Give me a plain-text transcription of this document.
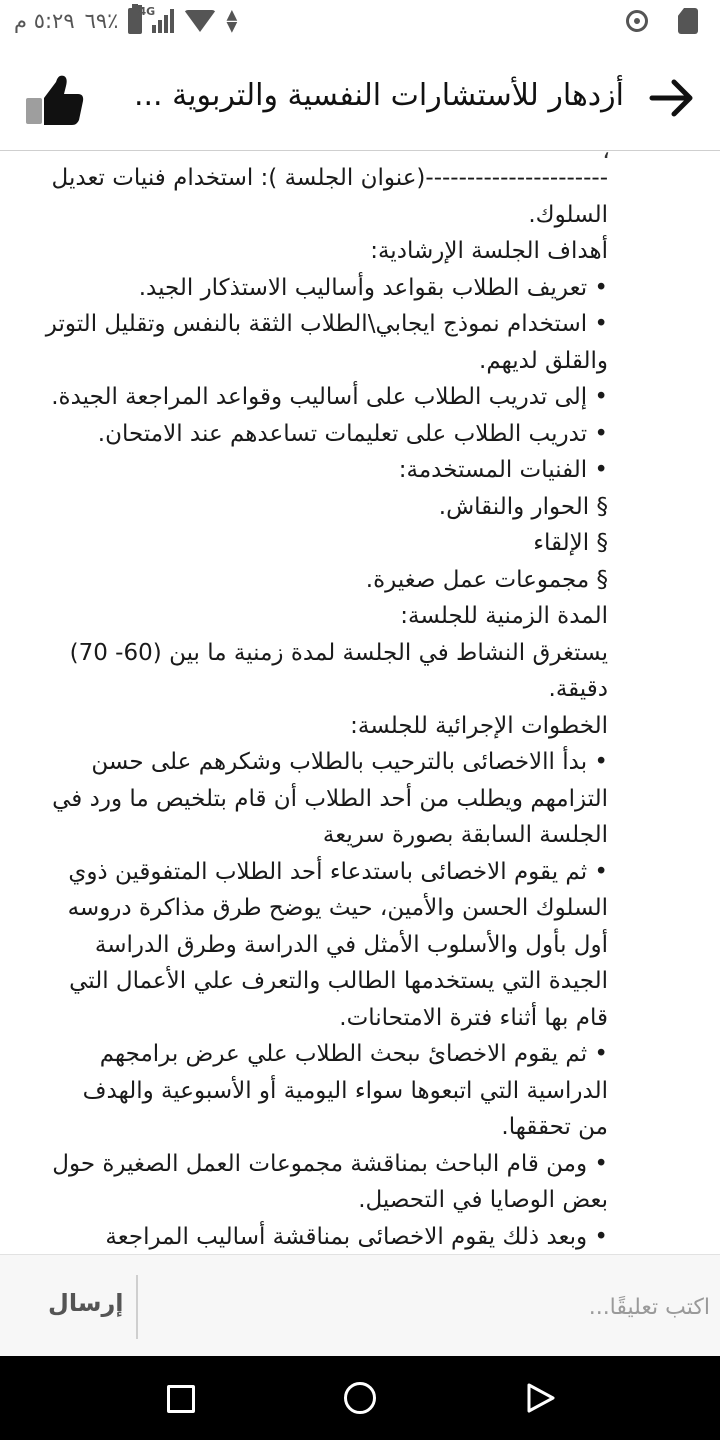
٥:٢٩ م ٦٩٪ 4G	▲
▼
أزدهار للأستشارات النفسية والتربوية ...
،
----------------------(عنوان الجلسة ): استخدام فنيات تعديل
السلوك.
أهداف الجلسة الإرشادية:
• تعريف الطلاب بقواعد وأساليب الاستذكار الجيد.
• استخدام نموذج ايجابي\الطلاب الثقة بالنفس وتقليل التوتر
والقلق لديهم.
• إلى تدريب الطلاب على أساليب وقواعد المراجعة الجيدة.
• تدريب الطلاب على تعليمات تساعدهم عند الامتحان.
• الفنيات المستخدمة:
§ الحوار والنقاش.
§ الإلقاء
§ مجموعات عمل صغيرة.
المدة الزمنية للجلسة:
يستغرق النشاط في الجلسة لمدة زمنية ما بين (60- 70)
دقيقة.
الخطوات الإجرائية للجلسة:
• بدأ االاخصائى بالترحيب بالطلاب وشكرهم على حسن
التزامهم ويطلب من أحد الطلاب أن قام بتلخيص ما ورد في
الجلسة السابقة بصورة سريعة
• ثم يقوم الاخصائى باستدعاء أحد الطلاب المتفوقين ذوي
السلوك الحسن والأمين، حيث يوضح طرق مذاكرة دروسه
أول بأول والأسلوب الأمثل في الدراسة وطرق الدراسة
الجيدة التي يستخدمها الطالب والتعرف علي الأعمال التي
قام بها أثناء فترة الامتحانات.
• ثم يقوم الاخصائ ىبحث الطلاب علي عرض برامجهم
الدراسية التي اتبعوها سواء اليومية أو الأسبوعية والهدف
من تحققها.
• ومن قام الباحث بمناقشة مجموعات العمل الصغيرة حول
بعض الوصايا في التحصيل.
• وبعد ذلك يقوم الاخصائى بمناقشة أساليب المراجعة
إرسال
اكتب تعليقًا...
